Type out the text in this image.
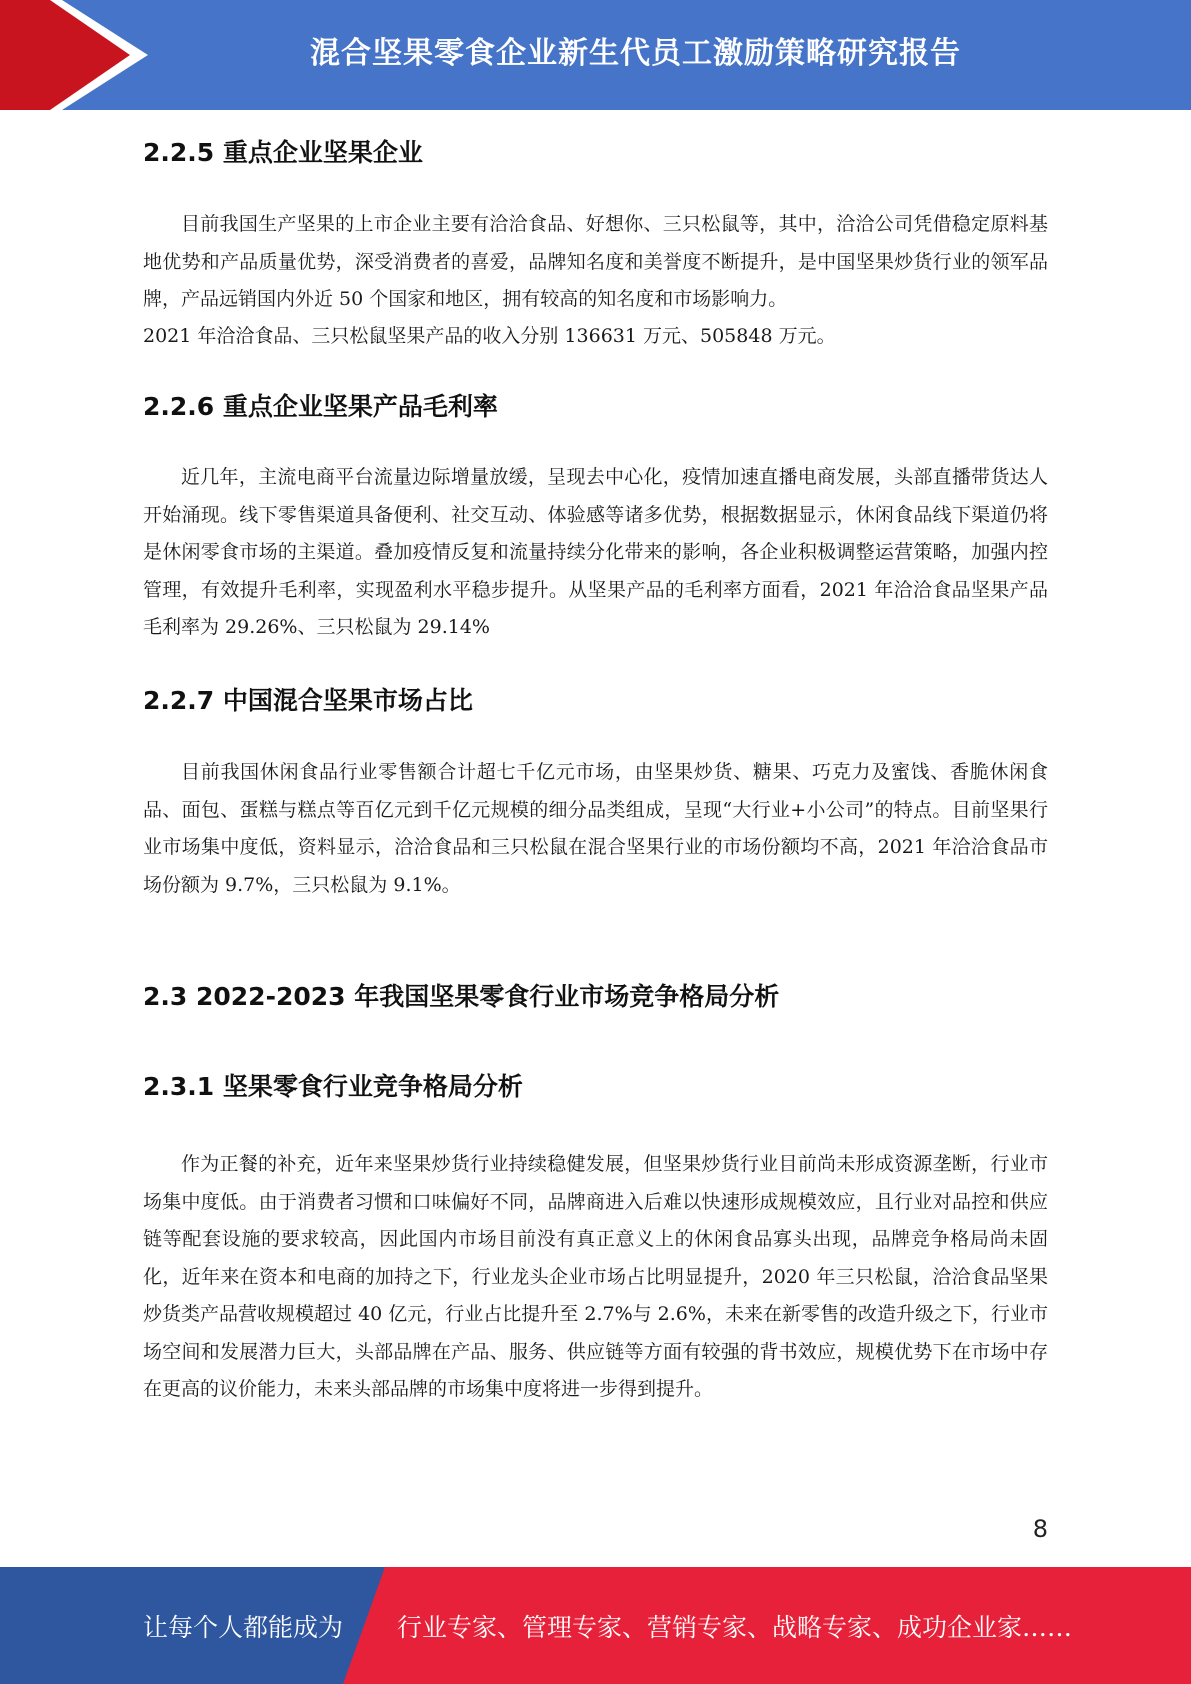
混合坚果零食企业新生代员工激励策略研究报告
2.2.5 重点企业坚果企业

目前我国生产坚果的上市企业主要有洽洽食品、好想你、三只松鼠等，其中，洽洽公司凭借稳定原料基地优势和产品质量优势，深受消费者的喜爱，品牌知名度和美誉度不断提升，是中国坚果炒货行业的领军品牌，产品远销国内外近 50 个国家和地区，拥有较高的知名度和市场影响力。

2021 年洽洽食品、三只松鼠坚果产品的收入分别 136631 万元、505848 万元。

2.2.6 重点企业坚果产品毛利率

近几年，主流电商平台流量边际增量放缓，呈现去中心化，疫情加速直播电商发展，头部直播带货达人开始涌现。线下零售渠道具备便利、社交互动、体验感等诸多优势，根据数据显示，休闲食品线下渠道仍将是休闲零食市场的主渠道。叠加疫情反复和流量持续分化带来的影响，各企业积极调整运营策略，加强内控管理，有效提升毛利率，实现盈利水平稳步提升。从坚果产品的毛利率方面看，2021 年洽洽食品坚果产品毛利率为 29.26%、三只松鼠为 29.14%

2.2.7 中国混合坚果市场占比

目前我国休闲食品行业零售额合计超七千亿元市场，由坚果炒货、糖果、巧克力及蜜饯、香脆休闲食品、面包、蛋糕与糕点等百亿元到千亿元规模的细分品类组成，呈现“大行业+小公司”的特点。目前坚果行业市场集中度低，资料显示，洽洽食品和三只松鼠在混合坚果行业的市场份额均不高，2021 年洽洽食品市场份额为 9.7%，三只松鼠为 9.1%。

2.3 2022-2023 年我国坚果零食行业市场竞争格局分析
2.3.1 坚果零食行业竞争格局分析

作为正餐的补充，近年来坚果炒货行业持续稳健发展，但坚果炒货行业目前尚未形成资源垄断，行业市场集中度低。由于消费者习惯和口味偏好不同，品牌商进入后难以快速形成规模效应，且行业对品控和供应链等配套设施的要求较高，因此国内市场目前没有真正意义上的休闲食品寡头出现，品牌竞争格局尚未固化，近年来在资本和电商的加持之下，行业龙头企业市场占比明显提升，2020 年三只松鼠，洽洽食品坚果炒货类产品营收规模超过 40 亿元，行业占比提升至 2.7%与 2.6%，未来在新零售的改造升级之下，行业市场空间和发展潜力巨大，头部品牌在产品、服务、供应链等方面有较强的背书效应，规模优势下在市场中存在更高的议价能力，未来头部品牌的市场集中度将进一步得到提升。

8
让每个人都能成为 行业专家、管理专家、营销专家、战略专家、成功企业家……
